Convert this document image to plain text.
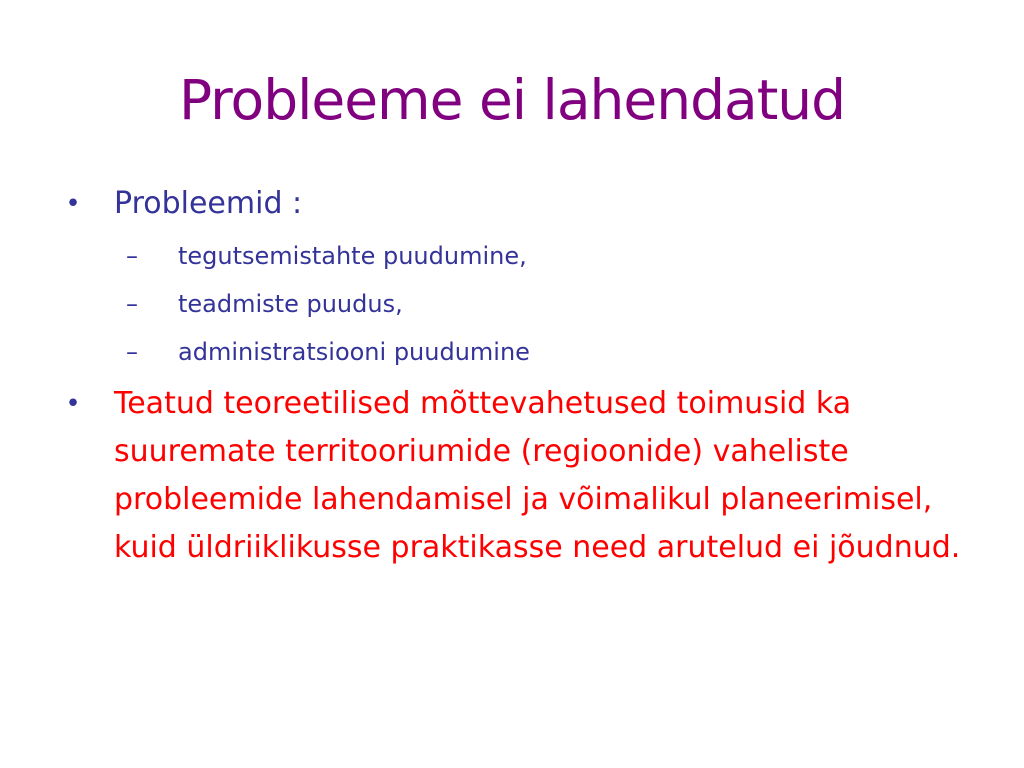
Probleeme ei lahendatud
• Probleemid :
– tegutsemistahte puudumine,
– teadmiste puudus,
– administratsiooni puudumine
• Teatud teoreetilised mõttevahetused toimusid ka suuremate territooriumide (regioonide) vaheliste probleemide lahendamisel ja võimalikul planeerimisel, kuid üldriiklikusse praktikasse need arutelud ei jõudnud.
